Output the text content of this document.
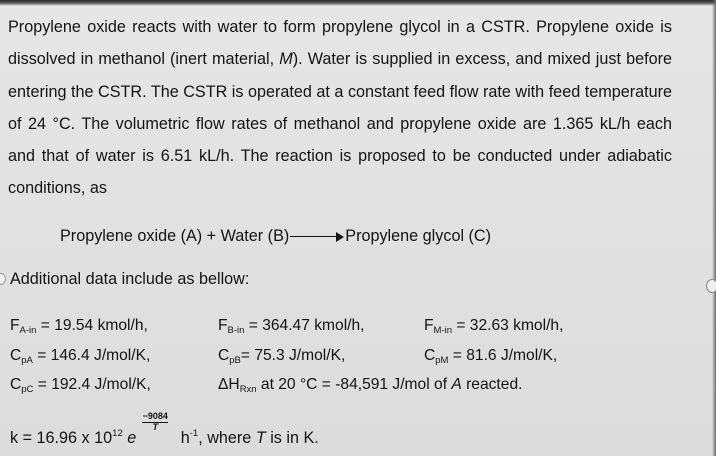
Propylene oxide reacts with water to form propylene glycol in a CSTR. Propylene oxide is dissolved in methanol (inert material, M). Water is supplied in excess, and mixed just before entering the CSTR. The CSTR is operated at a constant feed flow rate with feed temperature of 24 °C. The volumetric flow rates of methanol and propylene oxide are 1.365 kL/h each and that of water is 6.51 kL/h. The reaction is proposed to be conducted under adiabatic conditions, as
Propylene oxide (A) + Water (B)	Propylene glycol (C)
Additional data include as bellow:
$F_{A-in} = 19.54$ kmol/h,	$F_{B-in} = 364.47$ kmol/h,	$F_{M-in} = 32.63$ kmol/h,
$C_{pA} = 146.4$ J/mol/K,	$C_{pB}= 75.3$ J/mol/K,	$C_{pM} = 81.6$ J/mol/K,
$C_{pC} = 192.4$ J/mol/K,	$\Delta H_{Rxn}$ at 20 °C = -84,591 J/mol of A reacted.
k = 16.96 x $10^{12}$ e
$\frac{-9084}{T} h^{-1}$, where T is in K.
